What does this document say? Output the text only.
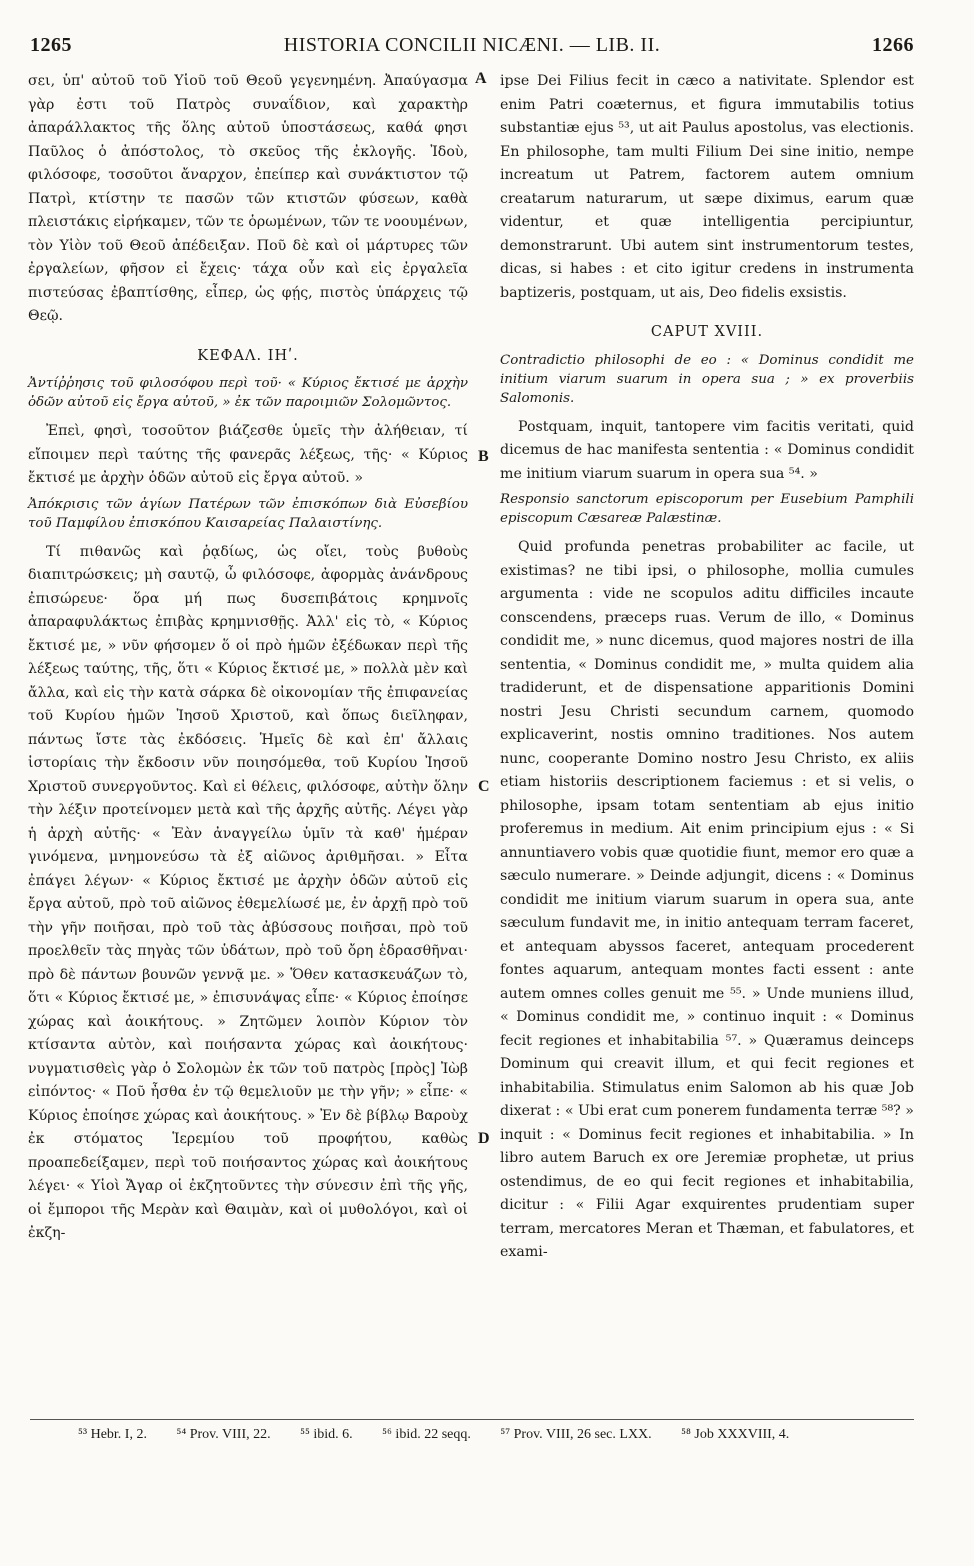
1265	HISTORIA CONCILII NICÆNI. — LIB. II.	1266

σει, ὑπ' αὐτοῦ τοῦ Υἱοῦ τοῦ Θεοῦ γεγενημένη. Ἀπαύγασμα γὰρ ἐστι τοῦ Πατρὸς συναΐδιον, καὶ χαρακτὴρ ἀπαράλλακτος τῆς ὅλης αὐτοῦ ὑποστάσεως, καθά φησι Παῦλος ὁ ἀπόστολος, τὸ σκεῦος τῆς ἐκλογῆς. Ἰδοὺ, φιλόσοφε, τοσοῦτοι ἄναρχον, ἐπείπερ καὶ συνάκτιστον τῷ Πατρὶ, κτίστην τε πασῶν τῶν κτιστῶν φύσεων, καθὰ πλειστάκις εἰρήκαμεν, τῶν τε ὁρωμένων, τῶν τε νοουμένων, τὸν Υἱὸν τοῦ Θεοῦ ἀπέδειξαν. Ποῦ δὲ καὶ οἱ μάρτυρες τῶν ἐργαλείων, φῆσον εἰ ἔχεις· τάχα οὖν καὶ εἰς ἐργαλεῖα πιστεύσας ἐβαπτίσθης, εἶπερ, ὡς φῄς, πιστὸς ὑπάρχεις τῷ Θεῷ.

ΚΕΦΑΛ. ΙΗʹ.

Ἀντίῤῥησις τοῦ φιλοσόφου περὶ τοῦ· « Κύριος ἔκτισέ με ἀρχὴν ὁδῶν αὐτοῦ εἰς ἔργα αὐτοῦ, » ἐκ τῶν παροιμιῶν Σολομῶντος.

Ἐπεὶ, φησὶ, τοσοῦτον βιάζεσθε ὑμεῖς τὴν ἀλήθειαν, τί εἴποιμεν περὶ ταύτης τῆς φανερᾶς λέξεως, τῆς· « Κύριος ἔκτισέ με ἀρχὴν ὁδῶν αὐτοῦ εἰς ἔργα αὐτοῦ. »

Ἀπόκρισις τῶν ἁγίων Πατέρων τῶν ἐπισκόπων διὰ Εὐσεβίου τοῦ Παμφίλου ἐπισκόπου Καισαρείας Παλαιστίνης.

Τί πιθανῶς καὶ ῥᾳδίως, ὡς οἴει, τοὺς βυθοὺς διαπιτρώσκεις; μὴ σαυτῷ, ὦ φιλόσοφε, ἀφορμὰς ἀνάνδρους ἐπισώρευε· ὅρα μή πως δυσεπιβάτοις κρημνοῖς ἀπαραφυλάκτως ἐπιβὰς κρημνισθῇς. Ἀλλ' εἰς τὸ, « Κύριος ἔκτισέ με, » νῦν φήσομεν ὅ οἱ πρὸ ἡμῶν ἐξέδωκαν περὶ τῆς λέξεως ταύτης, τῆς, ὅτι « Κύριος ἔκτισέ με, » πολλὰ μὲν καὶ ἄλλα, καὶ εἰς τὴν κατὰ σάρκα δὲ οἰκονομίαν τῆς ἐπιφανείας τοῦ Κυρίου ἡμῶν Ἰησοῦ Χριστοῦ, καὶ ὅπως διεῖληφαν, πάντως ἴστε τὰς ἐκδόσεις. Ἡμεῖς δὲ καὶ ἐπ' ἄλλαις ἱστορίαις τὴν ἔκδοσιν νῦν ποιησόμεθα, τοῦ Κυρίου Ἰησοῦ Χριστοῦ συνεργοῦντος. Καὶ εἰ θέλεις, φιλόσοφε, αὐτὴν ὅλην τὴν λέξιν προτείνομεν μετὰ καὶ τῆς ἀρχῆς αὐτῆς. Λέγει γὰρ ἡ ἀρχὴ αὐτῆς· « Ἐὰν ἀναγγείλω ὑμῖν τὰ καθ' ἡμέραν γινόμενα, μνημονεύσω τὰ ἐξ αἰῶνος ἀριθμῆσαι. » Εἶτα ἐπάγει λέγων· « Κύριος ἔκτισέ με ἀρχὴν ὁδῶν αὐτοῦ εἰς ἔργα αὐτοῦ, πρὸ τοῦ αἰῶνος ἐθεμελίωσέ με, ἐν ἀρχῇ πρὸ τοῦ τὴν γῆν ποιῆσαι, πρὸ τοῦ τὰς ἀβύσσους ποιῆσαι, πρὸ τοῦ προελθεῖν τὰς πηγὰς τῶν ὑδάτων, πρὸ τοῦ ὄρη ἑδρασθῆναι· πρὸ δὲ πάντων βουνῶν γεννᾷ με. » Ὅθεν κατασκευάζων τὸ, ὅτι « Κύριος ἔκτισέ με, » ἐπισυνάψας εἶπε· « Κύριος ἐποίησε χώρας καὶ ἀοικήτους. » Ζητῶμεν λοιπὸν Κύριον τὸν κτίσαντα αὐτὸν, καὶ ποιήσαντα χώρας καὶ ἀοικήτους· νυγματισθεὶς γὰρ ὁ Σολομὼν ἐκ τῶν τοῦ πατρὸς [πρὸς] Ἰὼβ εἰπόντος· « Ποῦ ἦσθα ἐν τῷ θεμελιοῦν με τὴν γῆν; » εἶπε· « Κύριος ἐποίησε χώρας καὶ ἀοικήτους. » Ἐν δὲ βίβλῳ Βαροὺχ ἐκ στόματος Ἱερεμίου τοῦ προφήτου, καθὼς προαπεδείξαμεν, περὶ τοῦ ποιήσαντος χώρας καὶ ἀοικήτους λέγει· « Υἱοὶ Ἄγαρ οἱ ἐκζητοῦντες τὴν σύνεσιν ἐπὶ τῆς γῆς, οἱ ἔμποροι τῆς Μερὰν καὶ Θαιμὰν, καὶ οἱ μυθολόγοι, καὶ οἱ ἐκζη-

ipse Dei Filius fecit in cæco a nativitate. Splendor est enim Patri coæternus, et figura immutabilis totius substantiæ ejus ⁵³, ut ait Paulus apostolus, vas electionis. En philosophe, tam multi Filium Dei sine initio, nempe increatum ut Patrem, factorem autem omnium creatarum naturarum, ut sæpe diximus, earum quæ videntur, et quæ intelligentia percipiuntur, demonstrarunt. Ubi autem sint instrumentorum testes, dicas, si habes : et cito igitur credens in instrumenta baptizeris, postquam, ut ais, Deo fidelis exsistis.

CAPUT XVIII.

Contradictio philosophi de eo : « Dominus condidit me initium viarum suarum in opera sua ; » ex proverbiis Salomonis.

Postquam, inquit, tantopere vim facitis veritati, quid dicemus de hac manifesta sententia : « Dominus condidit me initium viarum suarum in opera sua ⁵⁴. »

Responsio sanctorum episcoporum per Eusebium Pamphili episcopum Cæsareæ Palæstinæ.

Quid profunda penetras probabiliter ac facile, ut existimas? ne tibi ipsi, o philosophe, mollia cumules argumenta : vide ne scopulos aditu difficiles incaute conscendens, præceps ruas. Verum de illo, « Dominus condidit me, » nunc dicemus, quod majores nostri de illa sententia, « Dominus condidit me, » multa quidem alia tradiderunt, et de dispensatione apparitionis Domini nostri Jesu Christi secundum carnem, quomodo explicaverint, nostis omnino traditiones. Nos autem nunc, cooperante Domino nostro Jesu Christo, ex aliis etiam historiis descriptionem faciemus : et si velis, o philosophe, ipsam totam sententiam ab ejus initio proferemus in medium. Ait enim principium ejus : « Si annuntiavero vobis quæ quotidie fiunt, memor ero quæ a sæculo numerare. » Deinde adjungit, dicens : « Dominus condidit me initium viarum suarum in opera sua, ante sæculum fundavit me, in initio antequam terram faceret, et antequam abyssos faceret, antequam procederent fontes aquarum, antequam montes facti essent : ante autem omnes colles genuit me ⁵⁵. » Unde muniens illud, « Dominus condidit me, » continuo inquit : « Dominus fecit regiones et inhabitabilia ⁵⁷. » Quæramus deinceps Dominum qui creavit illum, et qui fecit regiones et inhabitabilia. Stimulatus enim Salomon ab his quæ Job dixerat : « Ubi erat cum ponerem fundamenta terræ ⁵⁸? » inquit : « Dominus fecit regiones et inhabitabilia. » In libro autem Baruch ex ore Jeremiæ prophetæ, ut prius ostendimus, de eo qui fecit regiones et inhabitabilia, dicitur : « Filii Agar exquirentes prudentiam super terram, mercatores Meran et Thæman, et fabulatores, et exami-

A
B
C
D
⁵³ Hebr. I, 2. ⁵⁴ Prov. VIII, 22. ⁵⁵ ibid. 6. ⁵⁶ ibid. 22 seqq. ⁵⁷ Prov. VIII, 26 sec. LXX. ⁵⁸ Job XXXVIII, 4.
